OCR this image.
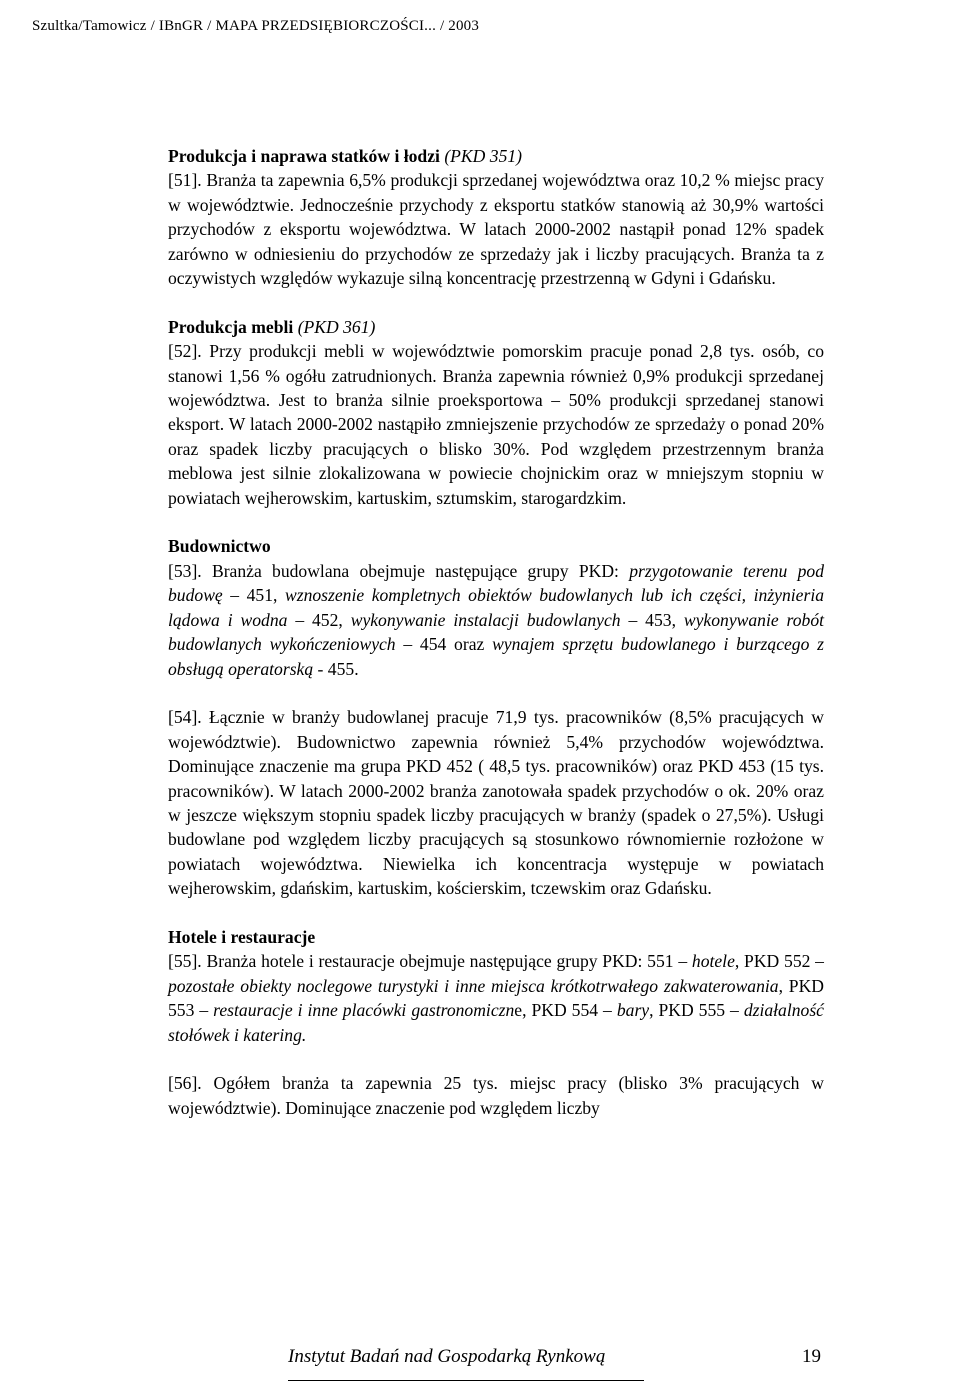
Szultka/Tamowicz / IBnGR / MAPA PRZEDSIĘBIORCZOŚCI... / 2003
Produkcja i naprawa statków i łodzi (PKD 351)
[51]. Branża ta zapewnia 6,5% produkcji sprzedanej województwa oraz 10,2 % miejsc pracy w województwie. Jednocześnie przychody z eksportu statków stanowią aż 30,9% wartości przychodów z eksportu województwa. W latach 2000-2002 nastąpił ponad 12% spadek zarówno w odniesieniu do przychodów ze sprzedaży jak i liczby pracujących. Branża ta z oczywistych względów wykazuje silną koncentrację przestrzenną w Gdyni i Gdańsku.
Produkcja mebli (PKD 361)
[52]. Przy produkcji mebli w województwie pomorskim pracuje ponad 2,8 tys. osób, co stanowi 1,56 % ogółu zatrudnionych. Branża zapewnia również 0,9% produkcji sprzedanej województwa. Jest to branża silnie proeksportowa – 50% produkcji sprzedanej stanowi eksport. W latach 2000-2002 nastąpiło zmniejszenie przychodów ze sprzedaży o ponad 20% oraz spadek liczby pracujących o blisko 30%. Pod względem przestrzennym branża meblowa jest silnie zlokalizowana w powiecie chojnickim oraz w mniejszym stopniu w powiatach wejherowskim, kartuskim, sztumskim, starogardzkim.
Budownictwo
[53]. Branża budowlana obejmuje następujące grupy PKD: przygotowanie terenu pod budowę – 451, wznoszenie kompletnych obiektów budowlanych lub ich części, inżynieria lądowa i wodna – 452, wykonywanie instalacji budowlanych – 453, wykonywanie robót budowlanych wykończeniowych – 454 oraz wynajem sprzętu budowlanego i burzącego z obsługą operatorską - 455.
[54]. Łącznie w branży budowlanej pracuje 71,9 tys. pracowników (8,5% pracujących w województwie). Budownictwo zapewnia również 5,4% przychodów województwa. Dominujące znaczenie ma grupa PKD 452 ( 48,5 tys. pracowników) oraz PKD 453 (15 tys. pracowników). W latach 2000-2002 branża zanotowała spadek przychodów o ok. 20% oraz w jeszcze większym stopniu spadek liczby pracujących w branży (spadek o 27,5%). Usługi budowlane pod względem liczby pracujących są stosunkowo równomiernie rozłożone w powiatach województwa. Niewielka ich koncentracja występuje w powiatach wejherowskim, gdańskim, kartuskim, kościerskim, tczewskim oraz Gdańsku.
Hotele i restauracje
[55]. Branża hotele i restauracje obejmuje następujące grupy PKD: 551 – hotele, PKD 552 – pozostałe obiekty noclegowe turystyki i inne miejsca krótkotrwałego zakwaterowania, PKD 553 – restauracje i inne placówki gastronomiczne, PKD 554 – bary, PKD 555 – działalność stołówek i katering.
[56]. Ogółem branża ta zapewnia 25 tys. miejsc pracy (blisko 3% pracujących w województwie). Dominujące znaczenie pod względem liczby
Instytut Badań nad Gospodarką Rynkową	19
